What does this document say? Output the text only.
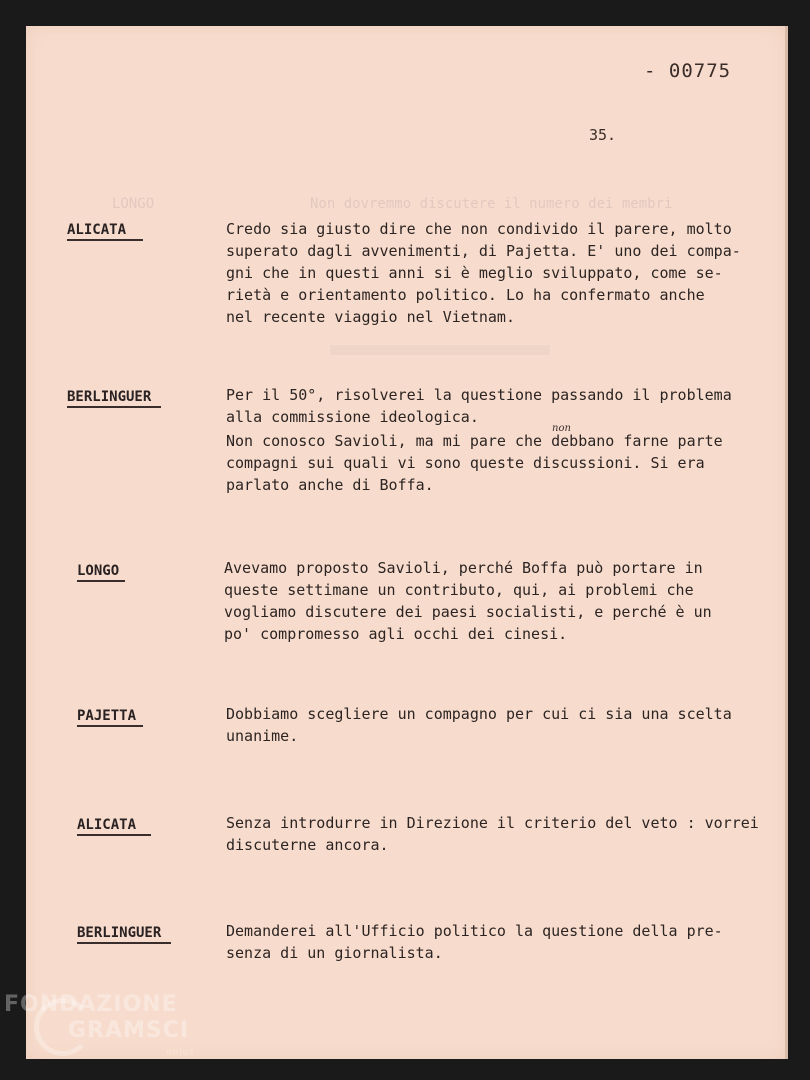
- 00775
35.
LONGO	Non dovremmo discutere il numero dei membri
ALICATA	Credo sia giusto dire che non condivido il parere, molto
superato dagli avvenimenti, di Pajetta. E' uno dei compa-
gni che in questi anni si è meglio sviluppato, come se-
rietà e orientamento politico. Lo ha confermato anche
nel recente viaggio nel Vietnam.
BERLINGUER	Per il 50°, risolverei la questione passando il problema
alla commissione ideologica.
non
Non conosco Savioli, ma mi pare che debbano farne parte
compagni sui quali vi sono queste discussioni. Si era
parlato anche di Boffa.
LONGO	Avevamo proposto Savioli, perché Boffa può portare in
queste settimane un contributo, qui, ai problemi che
vogliamo discutere dei paesi socialisti, e perché è un
po' compromesso agli occhi dei cinesi.
PAJETTA	Dobbiamo scegliere un compagno per cui ci sia una scelta
unanime.
ALICATA	Senza introdurre in Direzione il criterio del veto : vorrei
discuterne ancora.
BERLINGUER	Demanderei all'Ufficio politico la questione della pre-
senza di un giornalista.
FONDAZIONE
GRAMSCI
onlus
